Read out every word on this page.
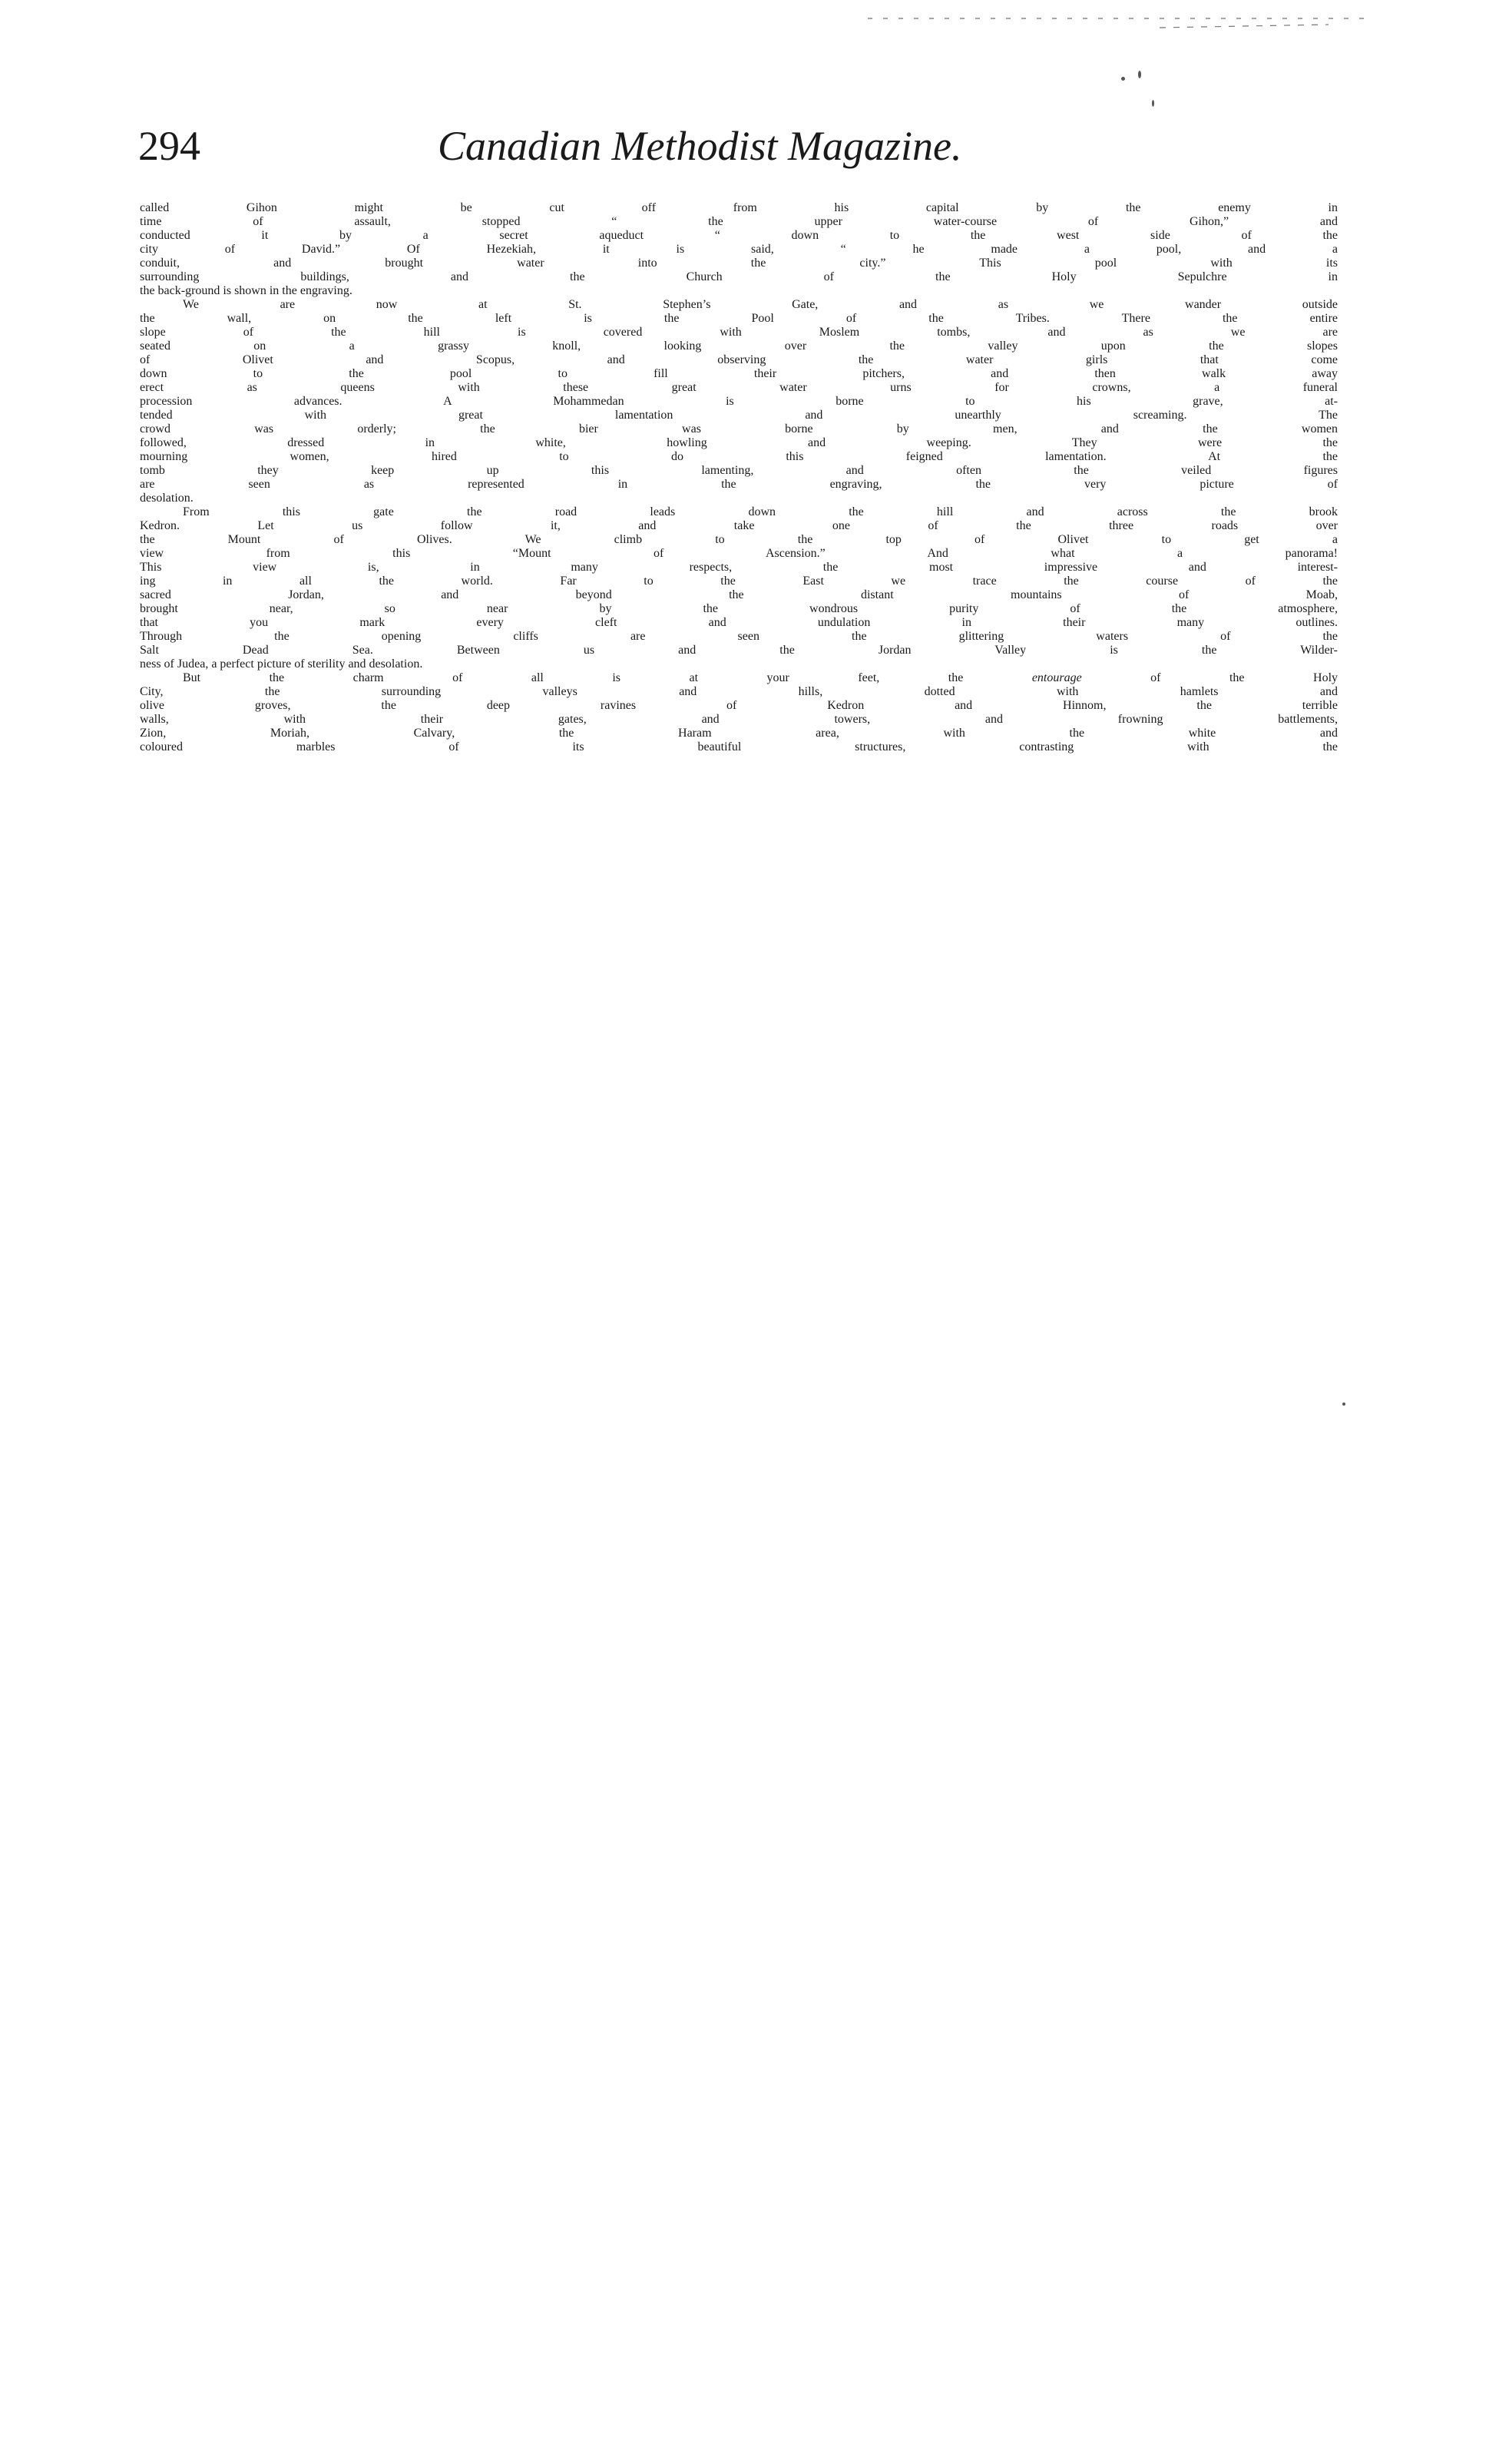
294	Canadian Methodist Magazine.
called Gihon might be cut off from his capital by the enemy in
time of assault, stopped “ the upper water-course of Gihon,” and
conducted it by a secret aqueduct “ down to the west side of the
city of David.” Of Hezekiah, it is said, “ he made a pool, and a
conduit, and brought water into the city.” This pool with its
surrounding buildings, and the Church of the Holy Sepulchre in
the back-ground is shown in the engraving.
We are now at St. Stephen’s Gate, and as we wander outside
the wall, on the left is the Pool of the Tribes. There the entire
slope of the hill is covered with Moslem tombs, and as we are
seated on a grassy knoll, looking over the valley upon the slopes
of Olivet and Scopus, and observing the water girls that come
down to the pool to fill their pitchers, and then walk away
erect as queens with these great water urns for crowns, a funeral
procession advances. A Mohammedan is borne to his grave, at-
tended with great lamentation and unearthly screaming. The
crowd was orderly; the bier was borne by men, and the women
followed, dressed in white, howling and weeping. They were the
mourning women, hired to do this feigned lamentation. At the
tomb they keep up this lamenting, and often the veiled figures
are seen as represented in the engraving, the very picture of
desolation.
From this gate the road leads down the hill and across the brook
Kedron. Let us follow it, and take one of the three roads over
the Mount of Olives. We climb to the top of Olivet to get a
view from this “Mount of Ascension.” And what a panorama!
This view is, in many respects, the most impressive and interest-
ing in all the world. Far to the East we trace the course of the
sacred Jordan, and beyond the distant mountains of Moab,
brought near, so near by the wondrous purity of the atmosphere,
that you mark every cleft and undulation in their many outlines.
Through the opening cliffs are seen the glittering waters of the
Salt Dead Sea. Between us and the Jordan Valley is the Wilder-
ness of Judea, a perfect picture of sterility and desolation.
But the charm of all is at your feet, the entourage of the Holy
City, the surrounding valleys and hills, dotted with hamlets and
olive groves, the deep ravines of Kedron and Hinnom, the terrible
walls, with their gates, and towers, and frowning battlements,
Zion, Moriah, Calvary, the Haram area, with the white and
coloured marbles of its beautiful structures, contrasting with the
